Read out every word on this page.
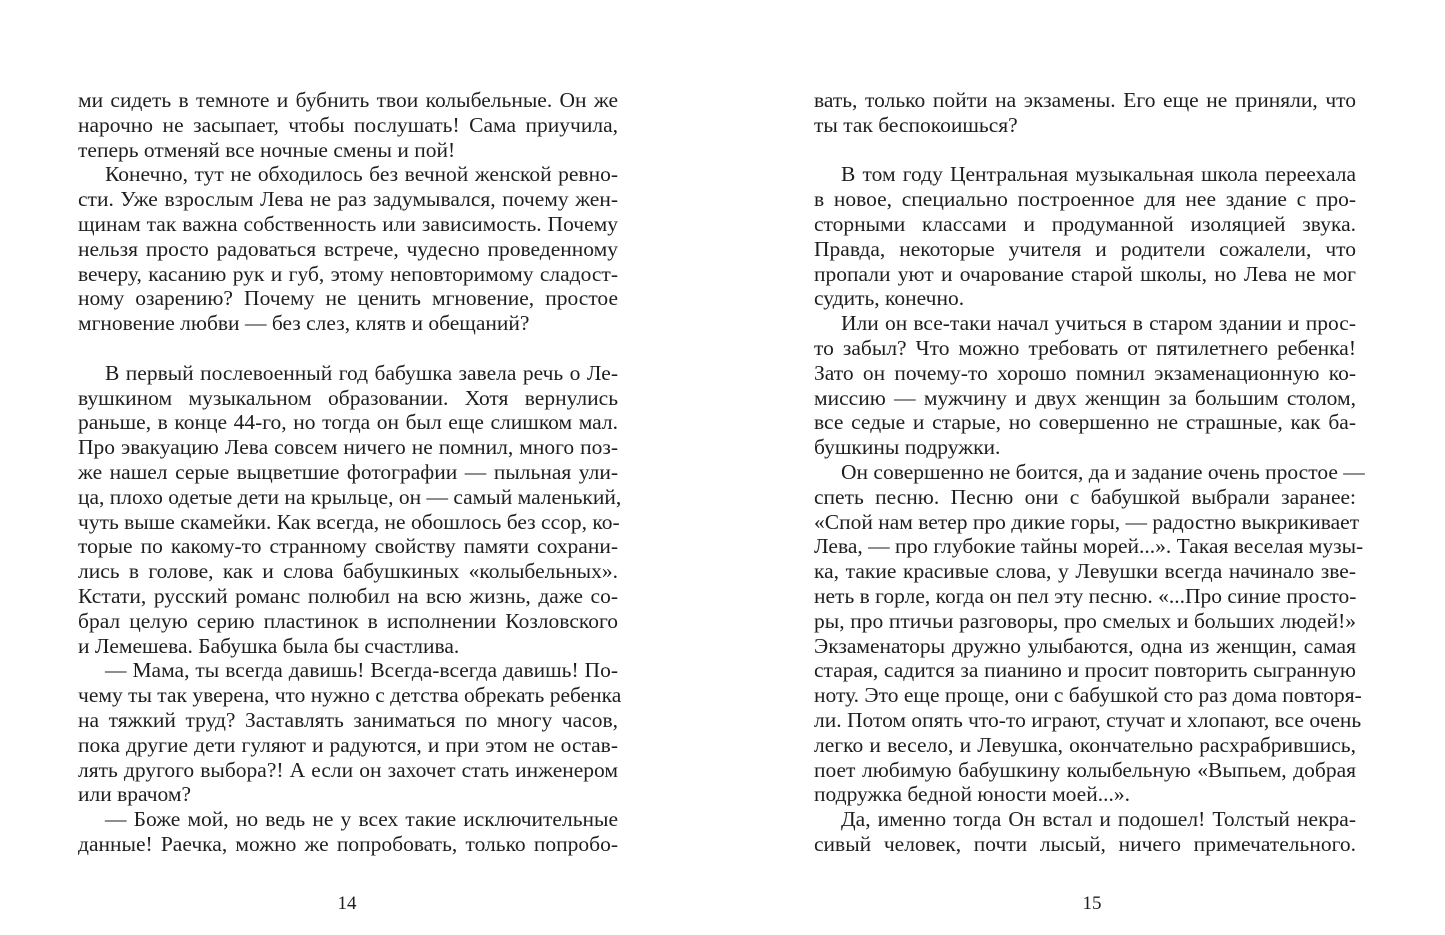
ми сидеть в темноте и бубнить твои колыбельные. Он же
нарочно не засыпает, чтобы послушать! Сама приучила,
теперь отменяй все ночные смены и пой!
Конечно, тут не обходилось без вечной женской ревно-
сти. Уже взрослым Лева не раз задумывался, почему жен-
щинам так важна собственность или зависимость. Почему
нельзя просто радоваться встрече, чудесно проведенному
вечеру, касанию рук и губ, этому неповторимому сладост-
ному озарению? Почему не ценить мгновение, простое
мгновение любви — без слез, клятв и обещаний?
В первый послевоенный год бабушка завела речь о Ле-
вушкином музыкальном образовании. Хотя вернулись
раньше, в конце 44-го, но тогда он был еще слишком мал.
Про эвакуацию Лева совсем ничего не помнил, много поз-
же нашел серые выцветшие фотографии — пыльная ули-
ца, плохо одетые дети на крыльце, он — самый маленький,
чуть выше скамейки. Как всегда, не обошлось без ссор, ко-
торые по какому-то странному свойству памяти сохрани-
лись в голове, как и слова бабушкиных «колыбельных».
Кстати, русский романс полюбил на всю жизнь, даже со-
брал целую серию пластинок в исполнении Козловского
и Лемешева. Бабушка была бы счастлива.
— Мама, ты всегда давишь! Всегда-всегда давишь! По-
чему ты так уверена, что нужно с детства обрекать ребенка
на тяжкий труд? Заставлять заниматься по многу часов,
пока другие дети гуляют и радуются, и при этом не остав-
лять другого выбора?! А если он захочет стать инженером
или врачом?
— Боже мой, но ведь не у всех такие исключительные
данные! Раечка, можно же попробовать, только попробо-
14
вать, только пойти на экзамены. Его еще не приняли, что
ты так беспокоишься?
В том году Центральная музыкальная школа переехала
в новое, специально построенное для нее здание с про-
сторными классами и продуманной изоляцией звука.
Правда, некоторые учителя и родители сожалели, что
пропали уют и очарование старой школы, но Лева не мог
судить, конечно.
Или он все-таки начал учиться в старом здании и прос-
то забыл? Что можно требовать от пятилетнего ребенка!
Зато он почему-то хорошо помнил экзаменационную ко-
миссию — мужчину и двух женщин за большим столом,
все седые и старые, но совершенно не страшные, как ба-
бушкины подружки.
Он совершенно не боится, да и задание очень простое —
спеть песню. Песню они с бабушкой выбрали заранее:
«Спой нам ветер про дикие горы, — радостно выкрикивает
Лева, — про глубокие тайны морей...». Такая веселая музы-
ка, такие красивые слова, у Левушки всегда начинало зве-
неть в горле, когда он пел эту песню. «...Про синие просто-
ры, про птичьи разговоры, про смелых и больших людей!»
Экзаменаторы дружно улыбаются, одна из женщин, самая
старая, садится за пианино и просит повторить сыгранную
ноту. Это еще проще, они с бабушкой сто раз дома повторя-
ли. Потом опять что-то играют, стучат и хлопают, все очень
легко и весело, и Левушка, окончательно расхрабрившись,
поет любимую бабушкину колыбельную «Выпьем, добрая
подружка бедной юности моей...».
Да, именно тогда Он встал и подошел! Толстый некра-
сивый человек, почти лысый, ничего примечательного.
15
